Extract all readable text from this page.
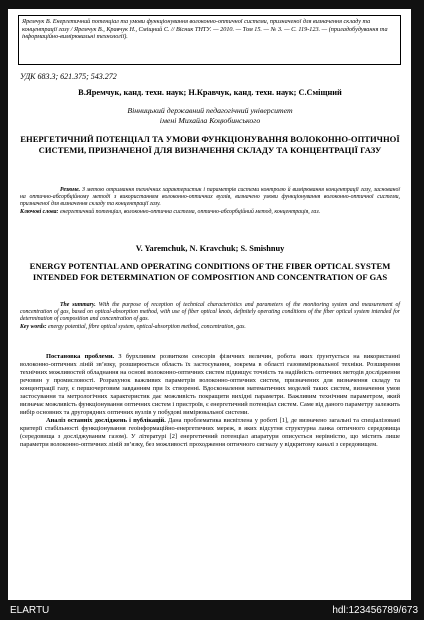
Яремчук В. Енергетичний потенціал та умови функціонування волоконно-оптичної системи, призначеної для визначення складу та концентрації газу / Яремчук В., Кравчук Н., Сміщний С. // Вісник ТНТУ. — 2010. — Том 15. — № 3. — С. 119-123. — (приладобудування та інформаційно-вимірювальні технології).
УДК 683.3; 621.375; 543.272
В.Яремчук, канд. техн. наук; Н.Кравчук, канд. техн. наук; С.Сміщний
Вінницький державний педагогічний університет
імені Михайла Коцюбинського
ЕНЕРГЕТИЧНИЙ ПОТЕНЦІАЛ ТА УМОВИ ФУНКЦІОНУВАННЯ ВОЛОКОННО-ОПТИЧНОЇ СИСТЕМИ, ПРИЗНАЧЕНОЇ ДЛЯ ВИЗНАЧЕННЯ СКЛАДУ ТА КОНЦЕНТРАЦІЇ ГАЗУ
Резюме. З метою отримання технічних характеристик і параметрів системи контролю й вимірювання концентрації газу, заснованої на оптично-абсорбційному методі з використанням волоконно-оптичних вузлів, визначено умови функціонування волоконно-оптичної системи, призначеної для визначення складу та концентрації газу.
Ключові слова: енергетичний потенціал, волоконно-оптична система, оптично-абсорбційний метод, концентрація, газ.
V. Yaremchuk, N. Kravchuk; S. Smishnuy
ENERGY POTENTIAL AND OPERATING CONDITIONS OF THE FIBER OPTICAL SYSTEM INTENDED FOR DETERMINATION OF COMPOSITION AND CONCENTRATION OF GAS
The summary. With the purpose of reception of technical characteristics and parameters of the monitoring system and measurement of concentration of gas, based on optical-absorption method, with use of fiber optical knots, definitely operating conditions of the fiber optical system intended for determination of composition and concentration of gas.
Key words: energy potential, fibre optical system, optical-absorption method, concentration, gas.

Постановка проблеми. З бурхливим розвитком сенсорів фізичних величин, робота яких ґрунтується на використанні волоконно-оптичних ліній зв’язку, розширюється область їх застосування, зокрема в області газовимірювальної техніки. Розширення технічних можливостей обладнання на основі волоконно-оптичних систем підвищує точність та надійність оптичних методів дослідження речовин у промисловості. Розрахунок важливих параметрів волоконно-оптичних систем, призначених для визначення складу та концентрації газу, є першочерговим завданням при їх створенні. Вдосконалення математичних моделей таких систем, визначення умов застосування та метрологічних характеристик дає можливість покращити вихідні параметри. Важливим технічним параметром, який визначає можливість функціонування оптичних систем і пристроїв, є енергетичний потенціал систем. Саме від даного параметру залежить вибір основних та другорядних оптичних вузлів у побудові вимірювальної системи.

Аналіз останніх досліджень і публікацій. Дана проблематика висвітлена у роботі [1], де визначено загальні та спеціалізовані критерії стабільності функціонування геоінформаційно-енергетичних мереж, в яких відсутня структурна ланка оптичного середовища (середовища з досліджуваним газом). У літературі [2] енергетичний потенціал апаратури описується нерівністю, що містить лише параметри волоконно-оптичних ліній зв’язку, без можливості проходження оптичного сигналу у відкритому каналі з середовищем.

ELARTU	hdl:123456789/673
